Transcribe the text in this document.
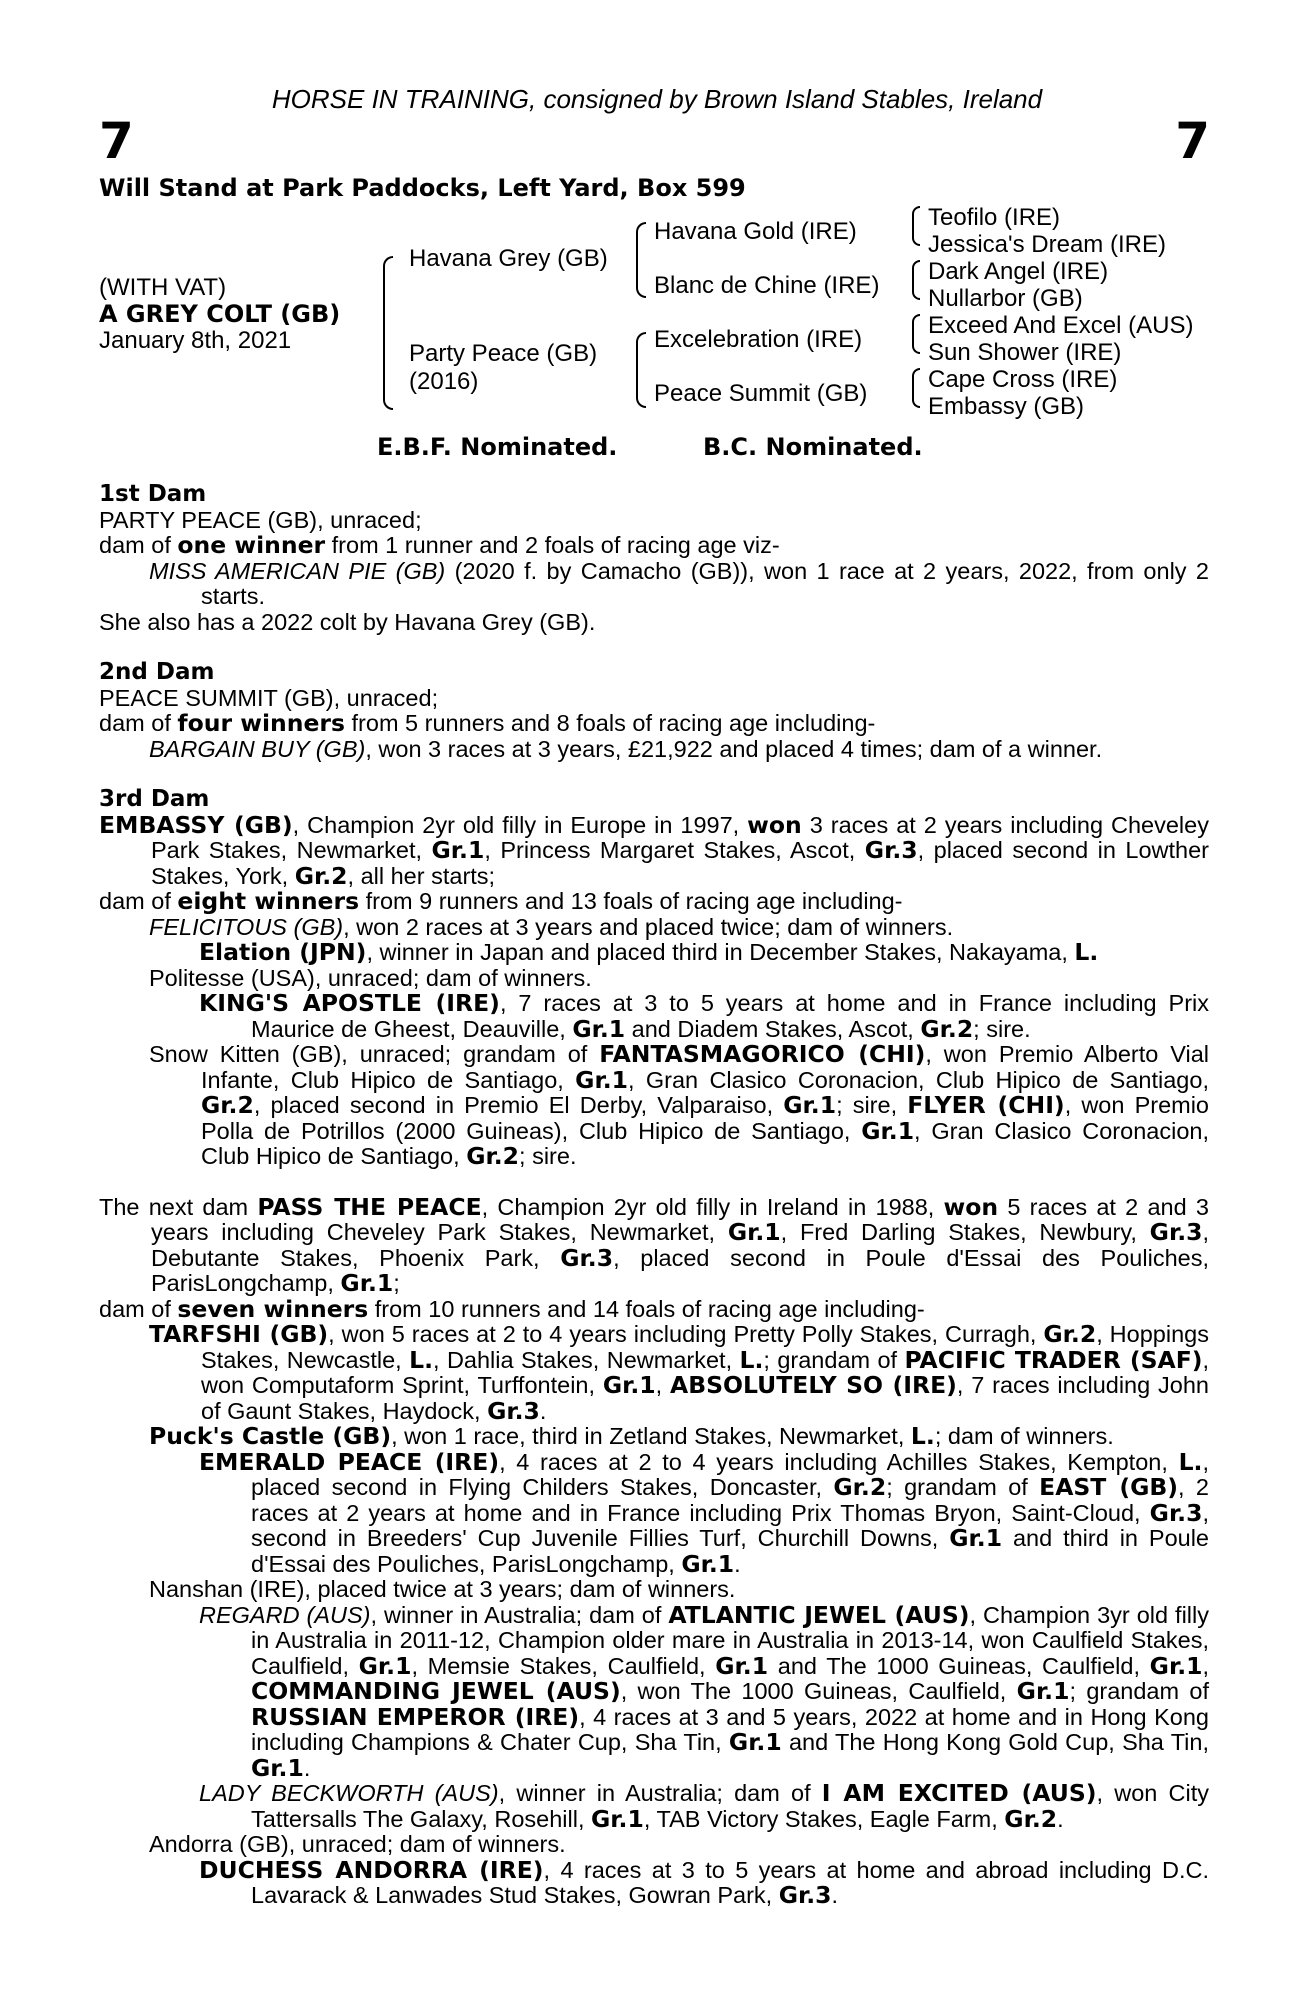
HORSE IN TRAINING, consigned by Brown Island Stables, Ireland
7	7
Will Stand at Park Paddocks, Left Yard, Box 599
(WITH VAT)
A GREY COLT (GB)
January 8th, 2021
Havana Grey (GB)
Party Peace (GB)
(2016)
Havana Gold (IRE)
Blanc de Chine (IRE)
Excelebration (IRE)
Peace Summit (GB)
Teofilo (IRE)
Jessica's Dream (IRE)
Dark Angel (IRE)
Nullarbor (GB)
Exceed And Excel (AUS)
Sun Shower (IRE)
Cape Cross (IRE)
Embassy (GB)
E.B.F. Nominated.	B.C. Nominated.
1st Dam

PARTY PEACE (GB), unraced;

dam of one winner from 1 runner and 2 foals of racing age viz-

MISS AMERICAN PIE (GB) (2020 f. by Camacho (GB)), won 1 race at 2 years, 2022, from only 2 starts.

She also has a 2022 colt by Havana Grey (GB).

2nd Dam

PEACE SUMMIT (GB), unraced;

dam of four winners from 5 runners and 8 foals of racing age including-

BARGAIN BUY (GB), won 3 races at 3 years, £21,922 and placed 4 times; dam of a winner.

3rd Dam

EMBASSY (GB), Champion 2yr old filly in Europe in 1997, won 3 races at 2 years including Cheveley Park Stakes, Newmarket, Gr.1, Princess Margaret Stakes, Ascot, Gr.3, placed second in Lowther Stakes, York, Gr.2, all her starts;

dam of eight winners from 9 runners and 13 foals of racing age including-

FELICITOUS (GB), won 2 races at 3 years and placed twice; dam of winners.

Elation (JPN), winner in Japan and placed third in December Stakes, Nakayama, L.

Politesse (USA), unraced; dam of winners.

KING'S APOSTLE (IRE), 7 races at 3 to 5 years at home and in France including Prix Maurice de Gheest, Deauville, Gr.1 and Diadem Stakes, Ascot, Gr.2; sire.

Snow Kitten (GB), unraced; grandam of FANTASMAGORICO (CHI), won Premio Alberto Vial Infante, Club Hipico de Santiago, Gr.1, Gran Clasico Coronacion, Club Hipico de Santiago, Gr.2, placed second in Premio El Derby, Valparaiso, Gr.1; sire, FLYER (CHI), won Premio Polla de Potrillos (2000 Guineas), Club Hipico de Santiago, Gr.1, Gran Clasico Coronacion, Club Hipico de Santiago, Gr.2; sire.

The next dam PASS THE PEACE, Champion 2yr old filly in Ireland in 1988, won 5 races at 2 and 3 years including Cheveley Park Stakes, Newmarket, Gr.1, Fred Darling Stakes, Newbury, Gr.3, Debutante Stakes, Phoenix Park, Gr.3, placed second in Poule d'Essai des Pouliches, ParisLongchamp, Gr.1;

dam of seven winners from 10 runners and 14 foals of racing age including-

TARFSHI (GB), won 5 races at 2 to 4 years including Pretty Polly Stakes, Curragh, Gr.2, Hoppings Stakes, Newcastle, L., Dahlia Stakes, Newmarket, L.; grandam of PACIFIC TRADER (SAF), won Computaform Sprint, Turffontein, Gr.1, ABSOLUTELY SO (IRE), 7 races including John of Gaunt Stakes, Haydock, Gr.3.

Puck's Castle (GB), won 1 race, third in Zetland Stakes, Newmarket, L.; dam of winners.

EMERALD PEACE (IRE), 4 races at 2 to 4 years including Achilles Stakes, Kempton, L., placed second in Flying Childers Stakes, Doncaster, Gr.2; grandam of EAST (GB), 2 races at 2 years at home and in France including Prix Thomas Bryon, Saint-Cloud, Gr.3, second in Breeders' Cup Juvenile Fillies Turf, Churchill Downs, Gr.1 and third in Poule d'Essai des Pouliches, ParisLongchamp, Gr.1.

Nanshan (IRE), placed twice at 3 years; dam of winners.

REGARD (AUS), winner in Australia; dam of ATLANTIC JEWEL (AUS), Champion 3yr old filly in Australia in 2011-12, Champion older mare in Australia in 2013-14, won Caulfield Stakes, Caulfield, Gr.1, Memsie Stakes, Caulfield, Gr.1 and The 1000 Guineas, Caulfield, Gr.1, COMMANDING JEWEL (AUS), won The 1000 Guineas, Caulfield, Gr.1; grandam of RUSSIAN EMPEROR (IRE), 4 races at 3 and 5 years, 2022 at home and in Hong Kong including Champions & Chater Cup, Sha Tin, Gr.1 and The Hong Kong Gold Cup, Sha Tin, Gr.1.

LADY BECKWORTH (AUS), winner in Australia; dam of I AM EXCITED (AUS), won City Tattersalls The Galaxy, Rosehill, Gr.1, TAB Victory Stakes, Eagle Farm, Gr.2.

Andorra (GB), unraced; dam of winners.

DUCHESS ANDORRA (IRE), 4 races at 3 to 5 years at home and abroad including D.C. Lavarack & Lanwades Stud Stakes, Gowran Park, Gr.3.
